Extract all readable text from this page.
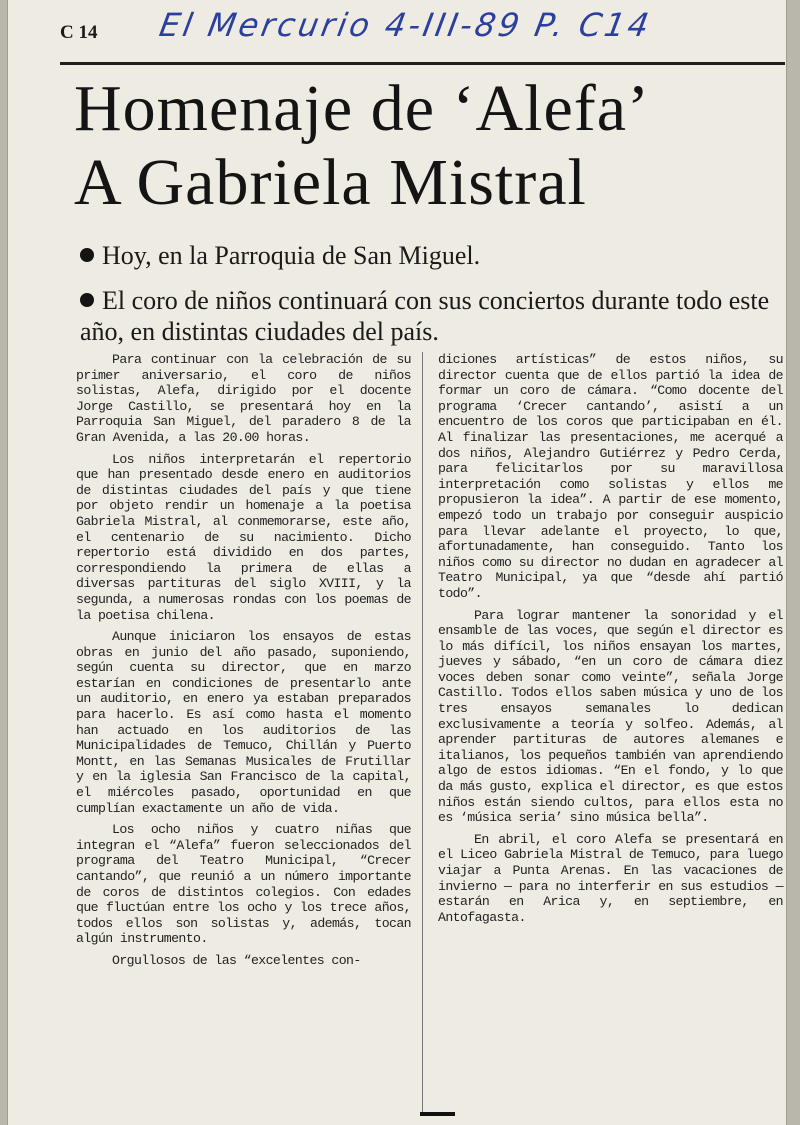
C 14 El Mercurio 4-III-89 P. C14
Homenaje de ‘Alefa’
A Gabriela Mistral
Hoy, en la Parroquia de San Miguel.
El coro de niños continuará con sus conciertos durante todo este año, en distintas ciudades del país.

Para continuar con la celebración de su primer aniversario, el coro de niños solistas, Alefa, dirigido por el docente Jorge Castillo, se presentará hoy en la Parroquia San Miguel, del paradero 8 de la Gran Avenida, a las 20.00 horas.

Los niños interpretarán el repertorio que han presentado desde enero en auditorios de distintas ciudades del país y que tiene por objeto rendir un homenaje a la poetisa Gabriela Mistral, al conmemorarse, este año, el centenario de su nacimiento. Dicho repertorio está dividido en dos partes, correspondiendo la primera de ellas a diversas partituras del siglo XVIII, y la segunda, a numerosas rondas con los poemas de la poetisa chilena.

Aunque iniciaron los ensayos de estas obras en junio del año pasado, suponiendo, según cuenta su director, que en marzo estarían en condiciones de presentarlo ante un auditorio, en enero ya estaban preparados para hacerlo. Es así como hasta el momento han actuado en los auditorios de las Municipalidades de Temuco, Chillán y Puerto Montt, en las Semanas Musicales de Frutillar y en la iglesia San Francisco de la capital, el miércoles pasado, oportunidad en que cumplían exactamente un año de vida.

Los ocho niños y cuatro niñas que integran el “Alefa” fueron seleccionados del programa del Teatro Municipal, “Crecer cantando”, que reunió a un número importante de coros de distintos colegios. Con edades que fluctúan entre los ocho y los trece años, todos ellos son solistas y, además, tocan algún instrumento.

Orgullosos de las “excelentes con-

diciones artísticas” de estos niños, su director cuenta que de ellos partió la idea de formar un coro de cámara. “Como docente del programa ‘Crecer cantando’, asistí a un encuentro de los coros que participaban en él. Al finalizar las presentaciones, me acerqué a dos niños, Alejandro Gutiérrez y Pedro Cerda, para felicitarlos por su maravillosa interpretación como solistas y ellos me propusieron la idea”. A partir de ese momento, empezó todo un trabajo por conseguir auspicio para llevar adelante el proyecto, lo que, afortunadamente, han conseguido. Tanto los niños como su director no dudan en agradecer al Teatro Municipal, ya que “desde ahí partió todo”.

Para lograr mantener la sonoridad y el ensamble de las voces, que según el director es lo más difícil, los niños ensayan los martes, jueves y sábado, “en un coro de cámara diez voces deben sonar como veinte”, señala Jorge Castillo. Todos ellos saben música y uno de los tres ensayos semanales lo dedican exclusivamente a teoría y solfeo. Además, al aprender partituras de autores alemanes e italianos, los pequeños también van aprendiendo algo de estos idiomas. “En el fondo, y lo que da más gusto, explica el director, es que estos niños están siendo cultos, para ellos esta no es ‘música seria’ sino música bella”.

En abril, el coro Alefa se presentará en el Liceo Gabriela Mistral de Temuco, para luego viajar a Punta Arenas. En las vacaciones de invierno — para no interferir en sus estudios — estarán en Arica y, en septiembre, en Antofagasta.
